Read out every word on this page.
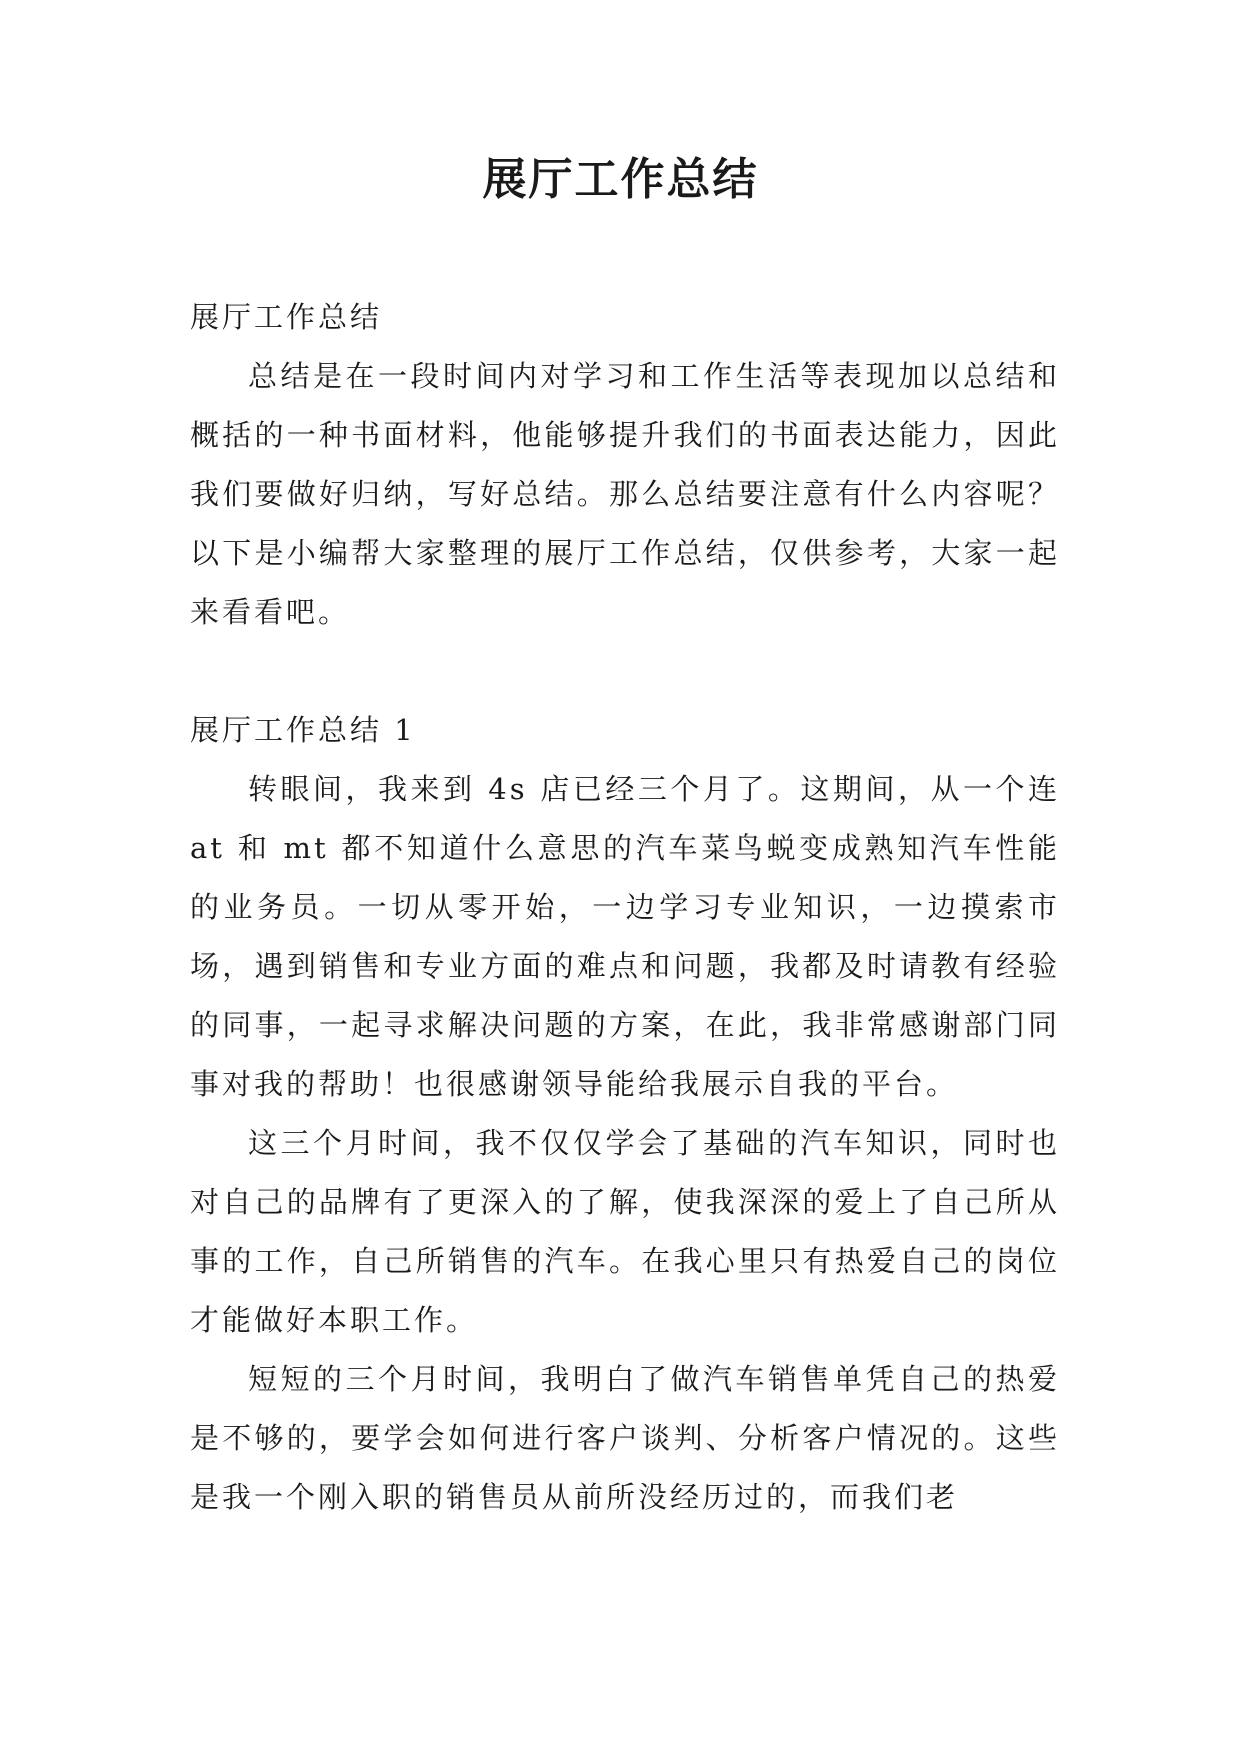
展厅工作总结

展厅工作总结

总结是在一段时间内对学习和工作生活等表现加以总结和概括的一种书面材料，他能够提升我们的书面表达能力，因此我们要做好归纳，写好总结。那么总结要注意有什么内容呢？以下是小编帮大家整理的展厅工作总结，仅供参考，大家一起来看看吧。

展厅工作总结 1

转眼间，我来到 4s 店已经三个月了。这期间，从一个连 at 和 mt 都不知道什么意思的汽车菜鸟蜕变成熟知汽车性能的业务员。一切从零开始，一边学习专业知识，一边摸索市场，遇到销售和专业方面的难点和问题，我都及时请教有经验的同事，一起寻求解决问题的方案，在此，我非常感谢部门同事对我的帮助！也很感谢领导能给我展示自我的平台。

这三个月时间，我不仅仅学会了基础的汽车知识，同时也对自己的品牌有了更深入的了解，使我深深的爱上了自己所从事的工作，自己所销售的汽车。在我心里只有热爱自己的岗位才能做好本职工作。

短短的三个月时间，我明白了做汽车销售单凭自己的热爱是不够的，要学会如何进行客户谈判、分析客户情况的。这些是我一个刚入职的销售员从前所没经历过的，而我们老
